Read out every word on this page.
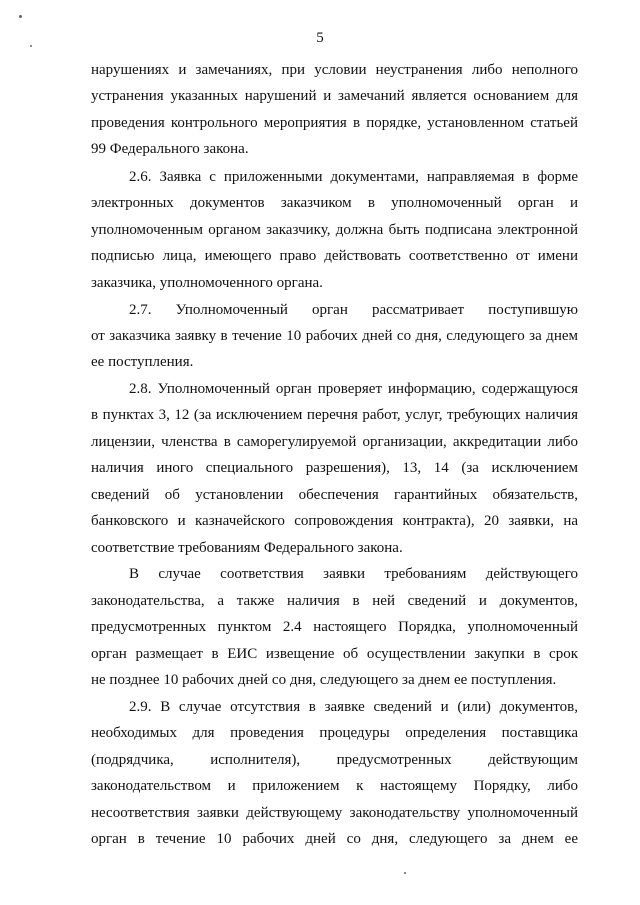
5
нарушениях и замечаниях, при условии неустранения либо неполного
устранения указанных нарушений и замечаний является основанием для
проведения контрольного мероприятия в порядке, установленном статьей
99 Федерального закона.
2.6. Заявка с приложенными документами, направляемая в форме
электронных документов заказчиком в уполномоченный орган и
уполномоченным органом заказчику, должна быть подписана электронной
подписью лица, имеющего право действовать соответственно от имени
заказчика, уполномоченного органа.
2.7. Уполномоченный орган рассматривает поступившую
от заказчика заявку в течение 10 рабочих дней со дня, следующего за днем
ее поступления.
2.8. Уполномоченный орган проверяет информацию, содержащуюся
в пунктах 3, 12 (за исключением перечня работ, услуг, требующих наличия
лицензии, членства в саморегулируемой организации, аккредитации либо
наличия иного специального разрешения), 13, 14 (за исключением
сведений об установлении обеспечения гарантийных обязательств,
банковского и казначейского сопровождения контракта), 20 заявки, на
соответствие требованиям Федерального закона.
В случае соответствия заявки требованиям действующего
законодательства, а также наличия в ней сведений и документов,
предусмотренных пунктом 2.4 настоящего Порядка, уполномоченный
орган размещает в ЕИС извещение об осуществлении закупки в срок
не позднее 10 рабочих дней со дня, следующего за днем ее поступления.
2.9. В случае отсутствия в заявке сведений и (или) документов,
необходимых для проведения процедуры определения поставщика
(подрядчика, исполнителя), предусмотренных действующим
законодательством и приложением к настоящему Порядку, либо
несоответствия заявки действующему законодательству уполномоченный
орган в течение 10 рабочих дней со дня, следующего за днем ее
